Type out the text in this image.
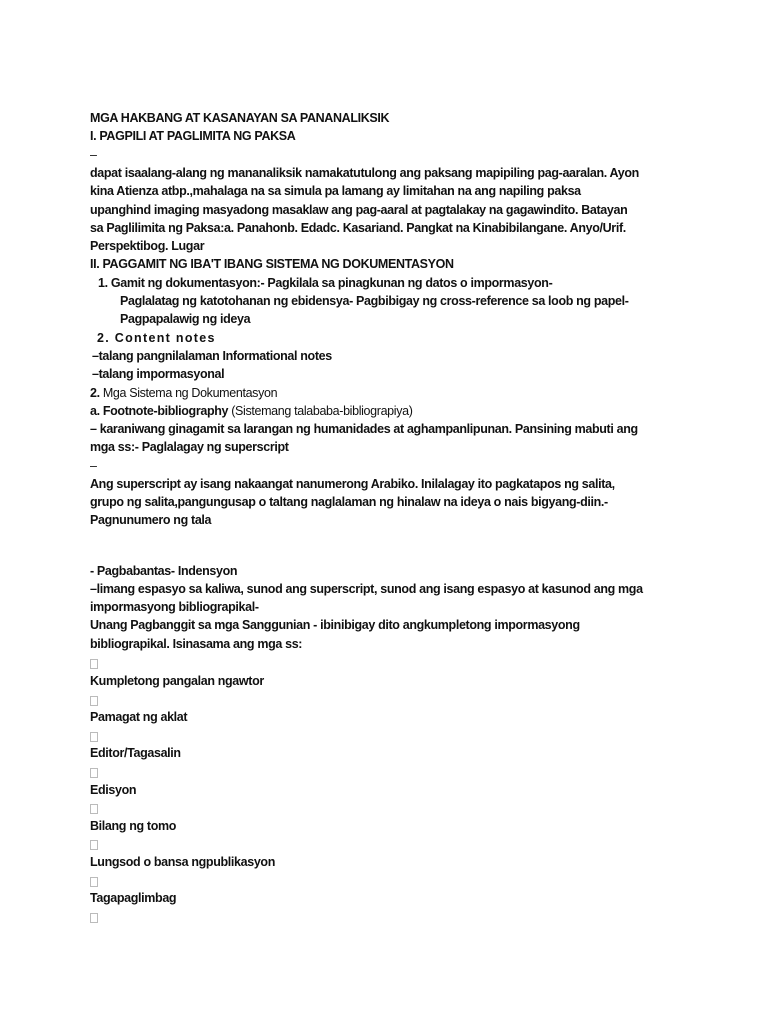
MGA HAKBANG AT KASANAYAN SA PANANALIKSIK
I. PAGPILI AT PAGLIMITA NG PAKSA
–
dapat isaalang-alang ng mananaliksik namakatutulong ang paksang mapipiling pag-aaralan. Ayon
kina Atienza atbp.,mahalaga na sa simula pa lamang ay limitahan na ang napiling paksa
upanghind imaging masyadong masaklaw ang pag-aaral at pagtalakay na gagawindito. Batayan
sa Paglilimita ng Paksa:a. Panahonb. Edadc. Kasariand. Pangkat na Kinabibilangane. Anyo/Urif.
Perspektibog. Lugar
II. PAGGAMIT NG IBA'T IBANG SISTEMA NG DOKUMENTASYON
1. Gamit ng dokumentasyon:- Pagkilala sa pinagkunan ng datos o impormasyon-
Paglalatag ng katotohanan ng ebidensya- Pagbibigay ng cross-reference sa loob ng papel-
Pagpapalawig ng ideya
2. Content notes
–talang pangnilalaman Informational notes
–talang impormasyonal
2. Mga Sistema ng Dokumentasyon
a. Footnote-bibliography (Sistemang talababa-bibliograpiya)
– karaniwang ginagamit sa larangan ng humanidades at aghampanlipunan. Pansining mabuti ang
mga ss:- Paglalagay ng superscript
–
Ang superscript ay isang nakaangat nanumerong Arabiko. Inilalagay ito pagkatapos ng salita,
grupo ng salita,pangungusap o taltang naglalaman ng hinalaw na ideya o nais bigyang-diin.-
Pagnunumero ng tala
- Pagbabantas- Indensyon
–limang espasyo sa kaliwa, sunod ang superscript, sunod ang isang espasyo at kasunod ang mga
impormasyong bibliograpikal-
Unang Pagbanggit sa mga Sanggunian - ibinibigay dito angkumpletong impormasyong
bibliograpikal. Isinasama ang mga ss:
Kumpletong pangalan ngawtor
Pamagat ng aklat
Editor/Tagasalin
Edisyon
Bilang ng tomo
Lungsod o bansa ngpublikasyon
Tagapaglimbag
